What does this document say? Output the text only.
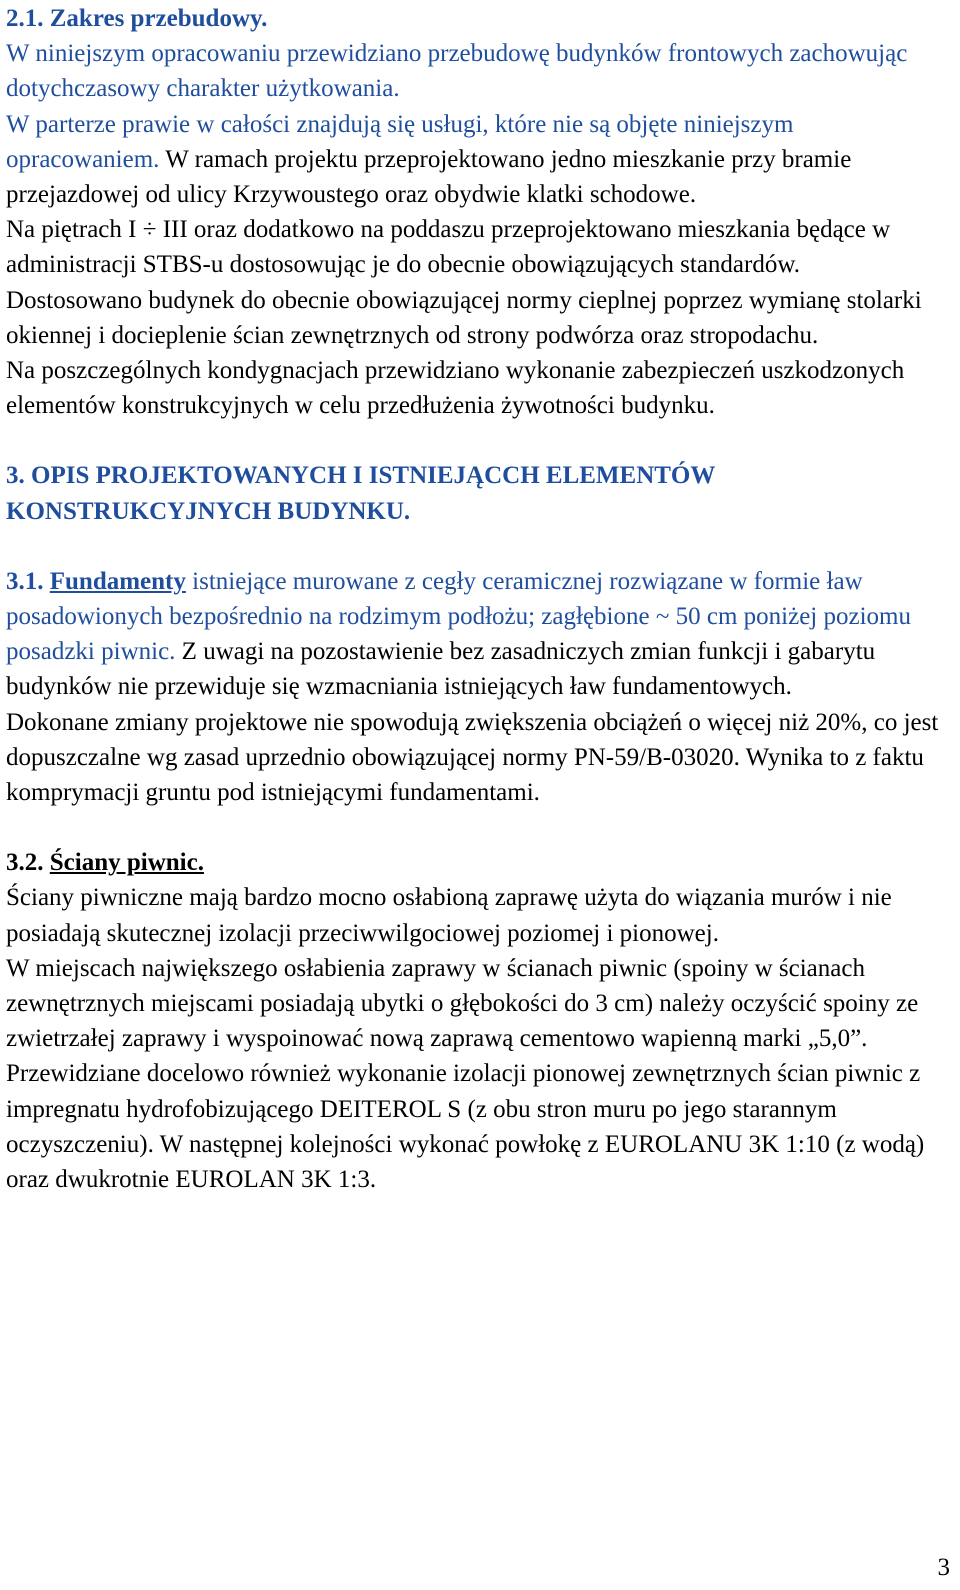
2.1. Zakres przebudowy.

W niniejszym opracowaniu przewidziano przebudowę budynków frontowych zachowując dotychczasowy charakter użytkowania.

W parterze prawie w całości znajdują się usługi, które nie są objęte niniejszym opracowaniem. W ramach projektu przeprojektowano jedno mieszkanie przy bramie przejazdowej od ulicy Krzywoustego oraz obydwie klatki schodowe.

Na piętrach I ÷ III oraz dodatkowo na poddaszu przeprojektowano mieszkania będące w administracji STBS-u dostosowując je do obecnie obowiązujących standardów.

Dostosowano budynek do obecnie obowiązującej normy cieplnej poprzez wymianę stolarki okiennej i docieplenie ścian zewnętrznych od strony podwórza oraz stropodachu.

Na poszczególnych kondygnacjach przewidziano wykonanie zabezpieczeń uszkodzonych elementów konstrukcyjnych w celu przedłużenia żywotności budynku.

3. OPIS PROJEKTOWANYCH I ISTNIEJĄCCH ELEMENTÓW KONSTRUKCYJNYCH BUDYNKU.

3.1. Fundamenty istniejące murowane z cegły ceramicznej rozwiązane w formie ław posadowionych bezpośrednio na rodzimym podłożu; zagłębione ~ 50 cm poniżej poziomu posadzki piwnic. Z uwagi na pozostawienie bez zasadniczych zmian funkcji i gabarytu budynków nie przewiduje się wzmacniania istniejących ław fundamentowych.

Dokonane zmiany projektowe nie spowodują zwiększenia obciążeń o więcej niż 20%, co jest dopuszczalne wg zasad uprzednio obowiązującej normy PN-59/B-03020. Wynika to z faktu komprymacji gruntu pod istniejącymi fundamentami.

3.2. Ściany piwnic.

Ściany piwniczne mają bardzo mocno osłabioną zaprawę użyta do wiązania murów i nie posiadają skutecznej izolacji przeciwwilgociowej poziomej i pionowej.

W miejscach największego osłabienia zaprawy w ścianach piwnic (spoiny w ścianach zewnętrznych miejscami posiadają ubytki o głębokości do 3 cm) należy oczyścić spoiny ze zwietrzałej zaprawy i wyspoinować nową zaprawą cementowo wapienną marki „5,0”.

Przewidziane docelowo również wykonanie izolacji pionowej zewnętrznych ścian piwnic z impregnatu hydrofobizującego DEITEROL S (z obu stron muru po jego starannym oczyszczeniu). W następnej kolejności wykonać powłokę z EUROLANU 3K 1:10 (z wodą) oraz dwukrotnie EUROLAN 3K 1:3.

3
